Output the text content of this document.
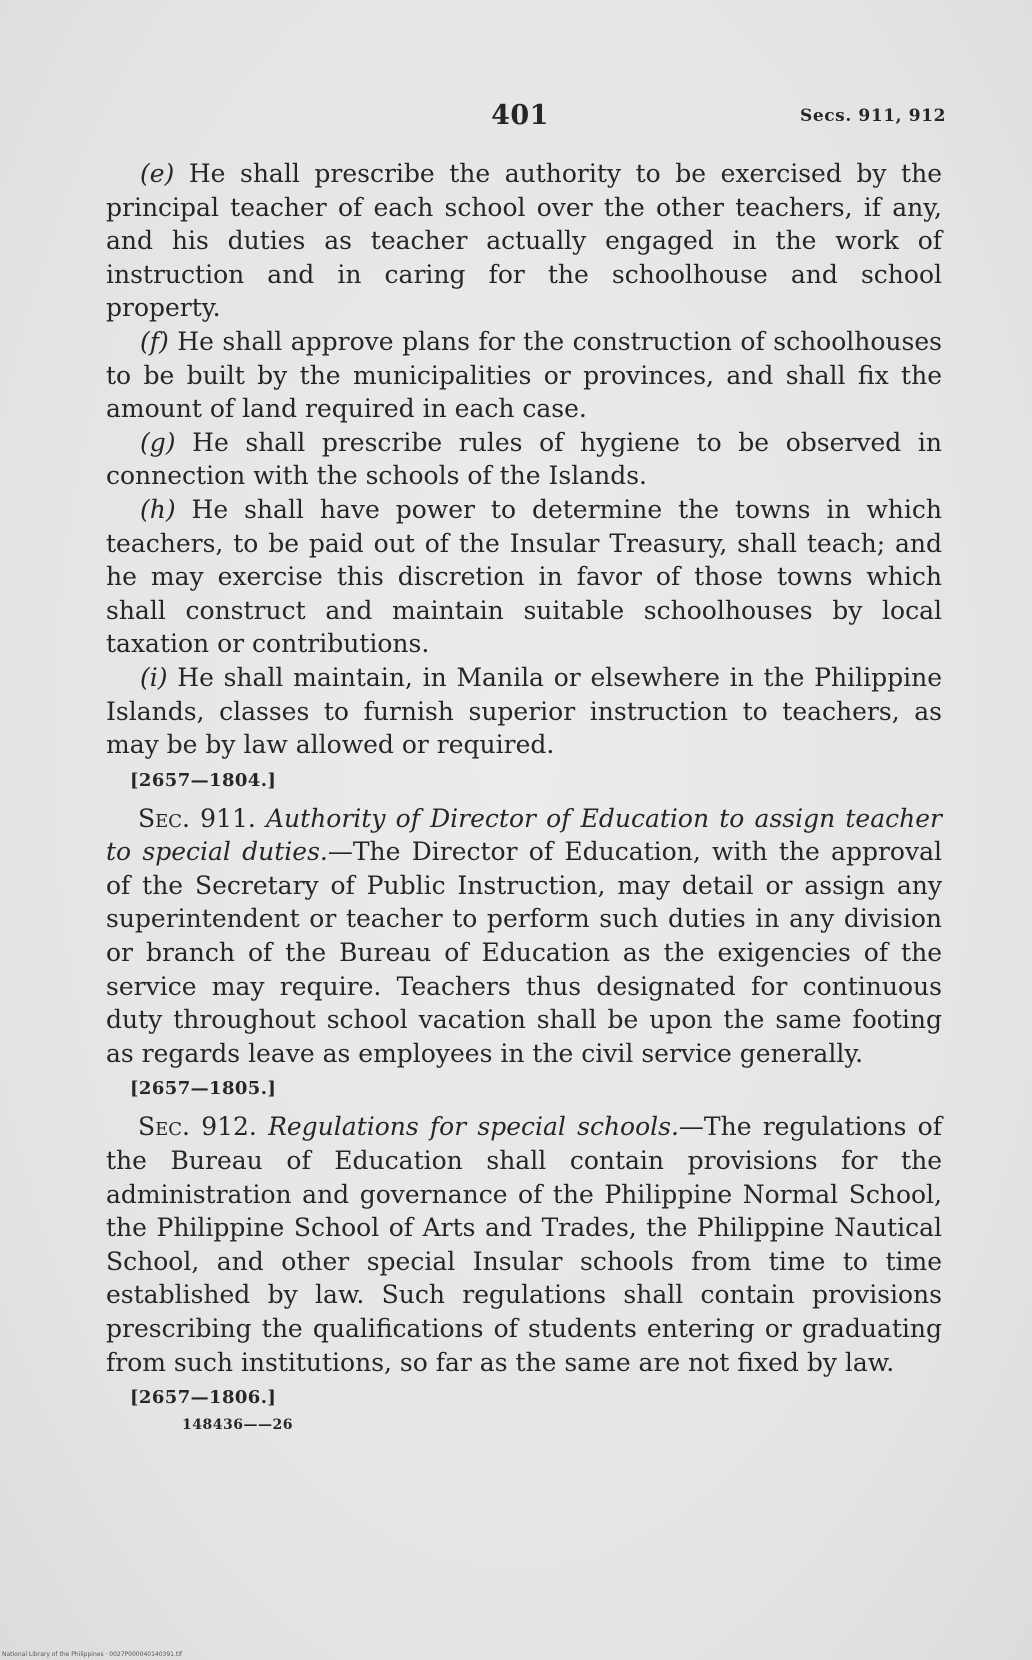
401	Secs. 911, 912

(e) He shall prescribe the authority to be exercised by the principal teacher of each school over the other teachers, if any, and his duties as teacher actually engaged in the work of instruction and in caring for the schoolhouse and school property.

(f) He shall approve plans for the construction of schoolhouses to be built by the municipalities or provinces, and shall fix the amount of land required in each case.

(g) He shall prescribe rules of hygiene to be observed in connection with the schools of the Islands.

(h) He shall have power to determine the towns in which teachers, to be paid out of the Insular Treasury, shall teach; and he may exercise this discretion in favor of those towns which shall construct and maintain suitable schoolhouses by local taxation or contributions.

(i) He shall maintain, in Manila or elsewhere in the Philippine Islands, classes to furnish superior instruction to teachers, as may be by law allowed or required.

[2657—1804.]

Sec. 911. Authority of Director of Education to assign teacher to special duties.—The Director of Education, with the approval of the Secretary of Public Instruction, may detail or assign any superintendent or teacher to perform such duties in any division or branch of the Bureau of Education as the exigencies of the service may require. Teachers thus designated for continuous duty throughout school vacation shall be upon the same footing as regards leave as employees in the civil service generally.

[2657—1805.]

Sec. 912. Regulations for special schools.—The regulations of the Bureau of Education shall contain provisions for the administration and governance of the Philippine Normal School, the Philippine School of Arts and Trades, the Philippine Nautical School, and other special Insular schools from time to time established by law. Such regulations shall contain provisions prescribing the qualifications of students entering or graduating from such institutions, so far as the same are not fixed by law.

[2657—1806.]
148436——26
National Library of the Philippines · 0027P000040140391.tif
